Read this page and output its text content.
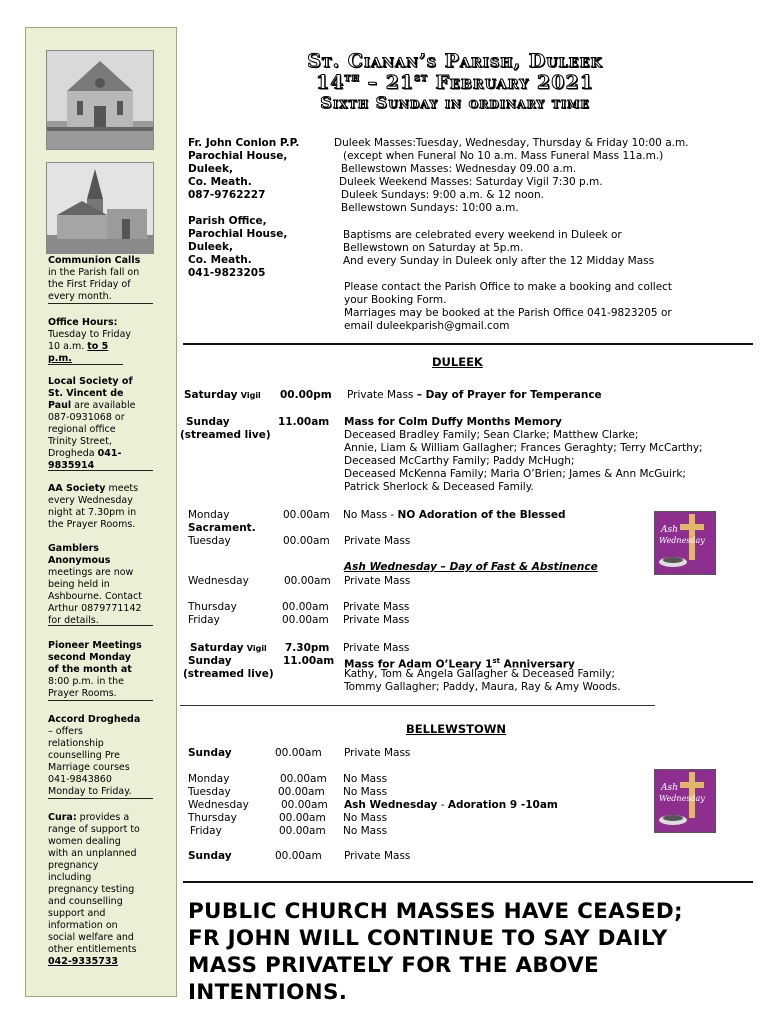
Communion Calls
in the Parish fall on
the First Friday of
every month.
Office Hours:
Tuesday to Friday
10 a.m. to 5
p.m.
Local Society of
St. Vincent de
Paul are available
087-0931068 or
regional office
Trinity Street,
Drogheda 041-
9835914
AA Society meets
every Wednesday
night at 7.30pm in
the Prayer Rooms.
Gamblers
Anonymous
meetings are now
being held in
Ashbourne. Contact
Arthur 0879771142
for details.
Pioneer Meetings
second Monday
of the month at
8:00 p.m. in the
Prayer Rooms.
Accord Drogheda
– offers
relationship
counselling Pre
Marriage courses
041-9843860
Monday to Friday.
Cura: provides a
range of support to
women dealing
with an unplanned
pregnancy
including
pregnancy testing
and counselling
support and
information on
social welfare and
other entitlements
042-9335733
St. Cianan’s Parish, Duleek
14th – 21st February 2021
Sixth Sunday in ordinary time
Fr. John Conlon P.P.
Parochial House,
Duleek,
Co. Meath.
087-9762227
Parish Office,
Parochial House,
Duleek,
Co. Meath.
041-9823205
Duleek Masses:Tuesday, Wednesday, Thursday & Friday 10:00 a.m.
(except when Funeral No 10 a.m. Mass Funeral Mass 11a.m.)
Bellewstown Masses: Wednesday 09.00 a.m.
Duleek Weekend Masses: Saturday Vigil 7:30 p.m.
Duleek Sundays: 9:00 a.m. & 12 noon.
Bellewstown Sundays: 10:00 a.m.
Baptisms are celebrated every weekend in Duleek or
Bellewstown on Saturday at 5p.m.
And every Sunday in Duleek only after the 12 Midday Mass
Please contact the Parish Office to make a booking and collect
your Booking Form.
Marriages may be booked at the Parish Office 041-9823205 or
email duleekparish@gmail.com
DULEEK
Saturday Vigil 00.00pm Private Mass – Day of Prayer for Temperance
Sunday	11.00am Mass for Colm Duffy Months Memory
(streamed live)	Deceased Bradley Family; Sean Clarke; Matthew Clarke;
Annie, Liam & William Gallagher; Frances Geraghty; Terry McCarthy;
Deceased McCarthy Family; Paddy McHugh;
Deceased McKenna Family; Maria O’Brien; James & Ann McGuirk;
Patrick Sherlock & Deceased Family.
Monday	00.00am No Mass - NO Adoration of the Blessed
Sacrament.
Tuesday	00.00am Private Mass
Ash Wednesday – Day of Fast & Abstinence
Wednesday	00.00am Private Mass
Thursday	00.00am Private Mass
Friday	00.00am Private Mass
Saturday Vigil 7.30pm Private Mass
Sunday	11.00am Mass for Adam O’Leary 1st Anniversary
(streamed live)	Kathy, Tom & Angela Gallagher & Deceased Family;
Tommy Gallagher; Paddy, Maura, Ray & Amy Woods.
BELLEWSTOWN
Sunday	00.00am Private Mass
Monday	00.00am No Mass
Tuesday	00.00am No Mass
Wednesday	00.00am Ash Wednesday - Adoration 9 -10am
Thursday	00.00am No Mass
Friday	00.00am No Mass
Sunday	00.00am Private Mass
Ash
Wednesday
Ash
Wednesday
PUBLIC CHURCH MASSES HAVE CEASED;
FR JOHN WILL CONTINUE TO SAY DAILY
MASS PRIVATELY FOR THE ABOVE
INTENTIONS.
